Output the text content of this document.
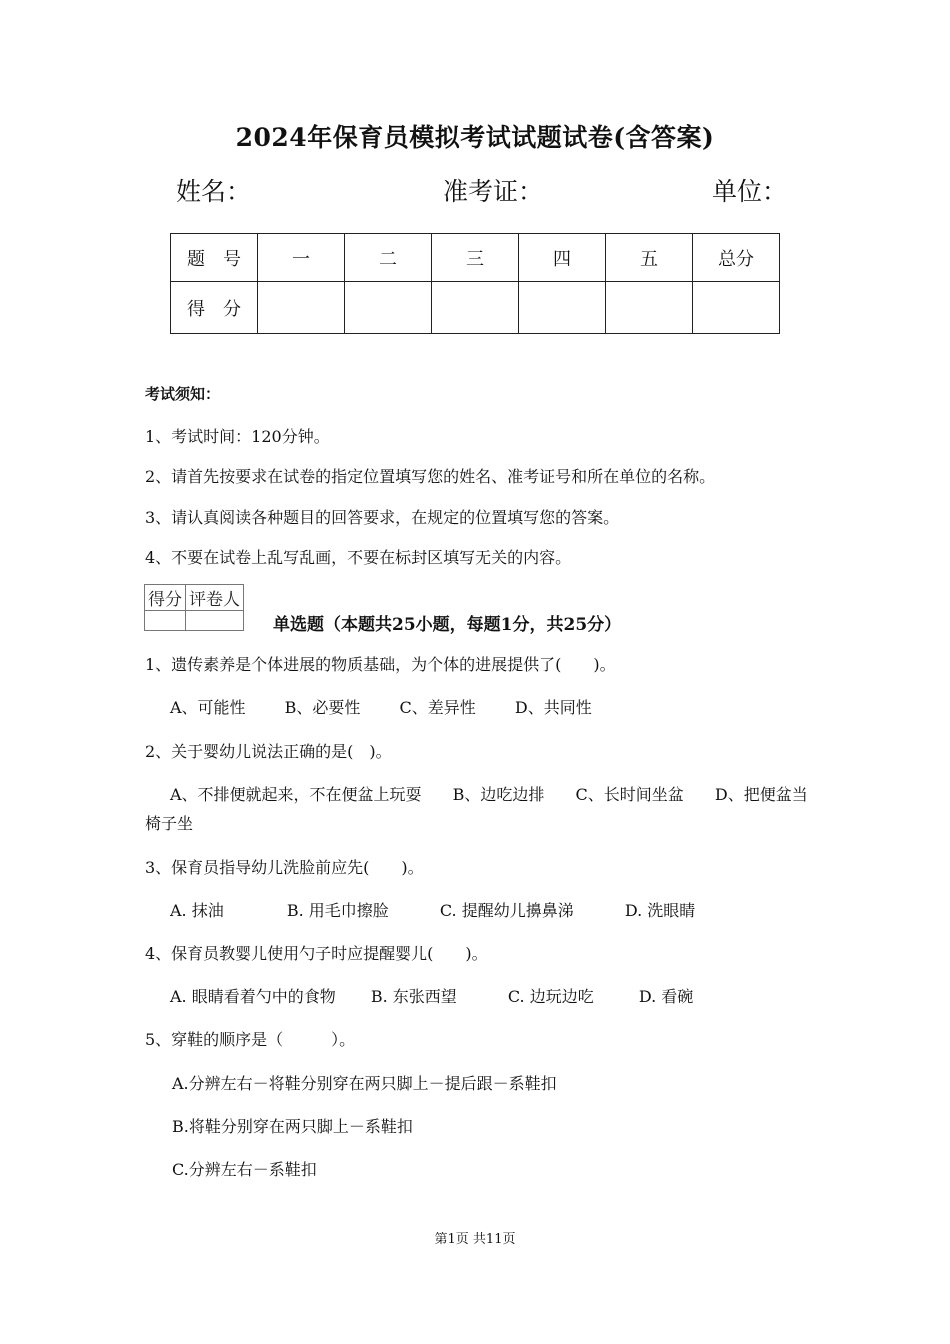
2024年保育员模拟考试试题试卷(含答案)
姓名：	准考证：	单位：
题　号	一	二	三	四	五	总分
得　分						
考试须知：
1、考试时间：120分钟。
2、请首先按要求在试卷的指定位置填写您的姓名、准考证号和所在单位的名称。
3、请认真阅读各种题目的回答要求，在规定的位置填写您的答案。
4、不要在试卷上乱写乱画，不要在标封区填写无关的内容。
得分	评卷人

单选题（本题共25小题，每题1分，共25分）
1、遗传素养是个体进展的物质基础，为个体的进展提供了(　　)。
A、可能性 B、必要性 C、差异性 D、共同性
2、关于婴幼儿说法正确的是(　)。
A、不排便就起来，不在便盆上玩耍 B、边吃边排 C、长时间坐盆 D、把便盆当
椅子坐
3、保育员指导幼儿洗脸前应先(　　)。
A. 抹油	B. 用毛巾擦脸	C. 提醒幼儿擤鼻涕	D. 洗眼睛
4、保育员教婴儿使用勺子时应提醒婴儿(　　)。
A. 眼睛看着勺中的食物 B. 东张西望	C. 边玩边吃	D. 看碗
5、穿鞋的顺序是（　　　）。
A.分辨左右－将鞋分别穿在两只脚上－提后跟－系鞋扣
B.将鞋分别穿在两只脚上－系鞋扣
C.分辨左右－系鞋扣
第1页 共11页
